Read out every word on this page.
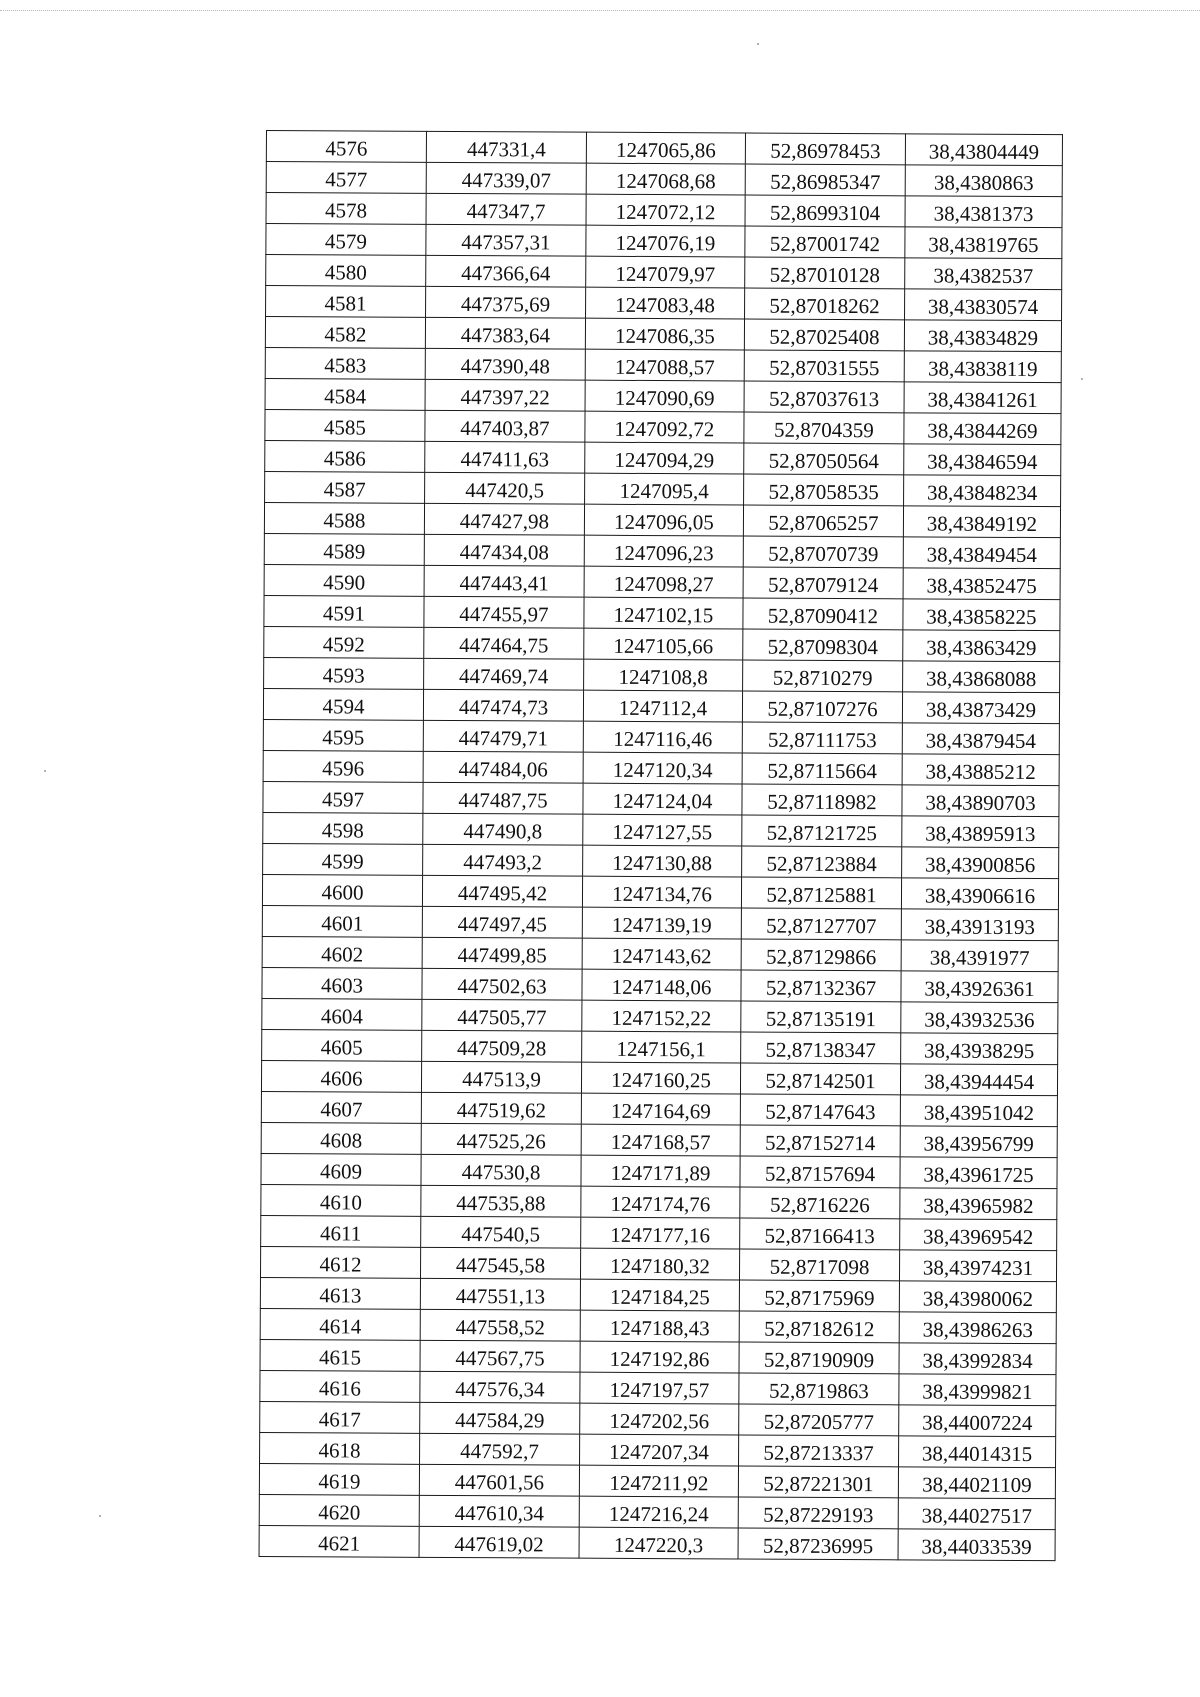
4576	447331,4	1247065,86	52,86978453	38,43804449
4577	447339,07	1247068,68	52,86985347	38,4380863
4578	447347,7	1247072,12	52,86993104	38,4381373
4579	447357,31	1247076,19	52,87001742	38,43819765
4580	447366,64	1247079,97	52,87010128	38,4382537
4581	447375,69	1247083,48	52,87018262	38,43830574
4582	447383,64	1247086,35	52,87025408	38,43834829
4583	447390,48	1247088,57	52,87031555	38,43838119
4584	447397,22	1247090,69	52,87037613	38,43841261
4585	447403,87	1247092,72	52,8704359	38,43844269
4586	447411,63	1247094,29	52,87050564	38,43846594
4587	447420,5	1247095,4	52,87058535	38,43848234
4588	447427,98	1247096,05	52,87065257	38,43849192
4589	447434,08	1247096,23	52,87070739	38,43849454
4590	447443,41	1247098,27	52,87079124	38,43852475
4591	447455,97	1247102,15	52,87090412	38,43858225
4592	447464,75	1247105,66	52,87098304	38,43863429
4593	447469,74	1247108,8	52,8710279	38,43868088
4594	447474,73	1247112,4	52,87107276	38,43873429
4595	447479,71	1247116,46	52,87111753	38,43879454
4596	447484,06	1247120,34	52,87115664	38,43885212
4597	447487,75	1247124,04	52,87118982	38,43890703
4598	447490,8	1247127,55	52,87121725	38,43895913
4599	447493,2	1247130,88	52,87123884	38,43900856
4600	447495,42	1247134,76	52,87125881	38,43906616
4601	447497,45	1247139,19	52,87127707	38,43913193
4602	447499,85	1247143,62	52,87129866	38,4391977
4603	447502,63	1247148,06	52,87132367	38,43926361
4604	447505,77	1247152,22	52,87135191	38,43932536
4605	447509,28	1247156,1	52,87138347	38,43938295
4606	447513,9	1247160,25	52,87142501	38,43944454
4607	447519,62	1247164,69	52,87147643	38,43951042
4608	447525,26	1247168,57	52,87152714	38,43956799
4609	447530,8	1247171,89	52,87157694	38,43961725
4610	447535,88	1247174,76	52,8716226	38,43965982
4611	447540,5	1247177,16	52,87166413	38,43969542
4612	447545,58	1247180,32	52,8717098	38,43974231
4613	447551,13	1247184,25	52,87175969	38,43980062
4614	447558,52	1247188,43	52,87182612	38,43986263
4615	447567,75	1247192,86	52,87190909	38,43992834
4616	447576,34	1247197,57	52,8719863	38,43999821
4617	447584,29	1247202,56	52,87205777	38,44007224
4618	447592,7	1247207,34	52,87213337	38,44014315
4619	447601,56	1247211,92	52,87221301	38,44021109
4620	447610,34	1247216,24	52,87229193	38,44027517
4621	447619,02	1247220,3	52,87236995	38,44033539
